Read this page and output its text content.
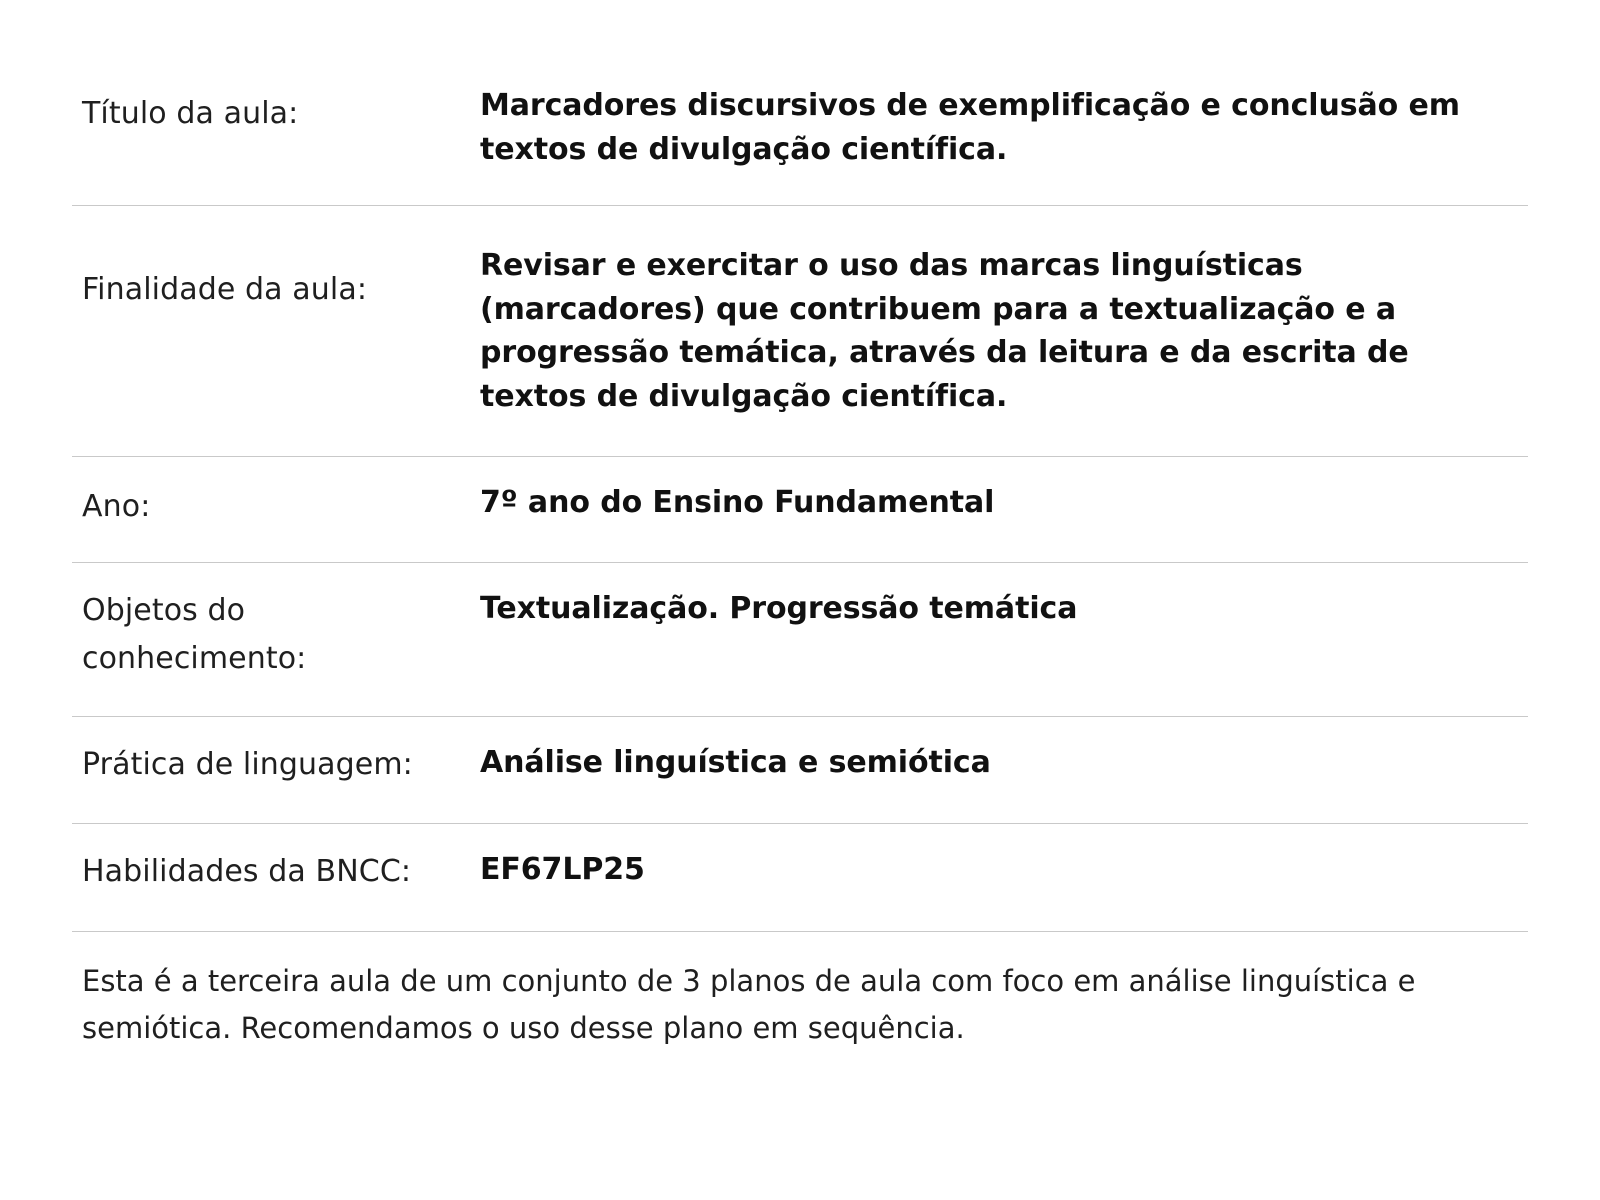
Título da aula:	Marcadores discursivos de exemplificação e conclusão em textos de divulgação científica.
Finalidade da aula:	Revisar e exercitar o uso das marcas linguísticas (marcadores) que contribuem para a textualização e a progressão temática, através da leitura e da escrita de textos de divulgação científica.
Ano:	7º ano do Ensino Fundamental
Objetos do conhecimento:	Textualização. Progressão temática
Prática de linguagem:	Análise linguística e semiótica
Habilidades da BNCC:	EF67LP25

Esta é a terceira aula de um conjunto de 3 planos de aula com foco em análise linguística e semiótica. Recomendamos o uso desse plano em sequência.
